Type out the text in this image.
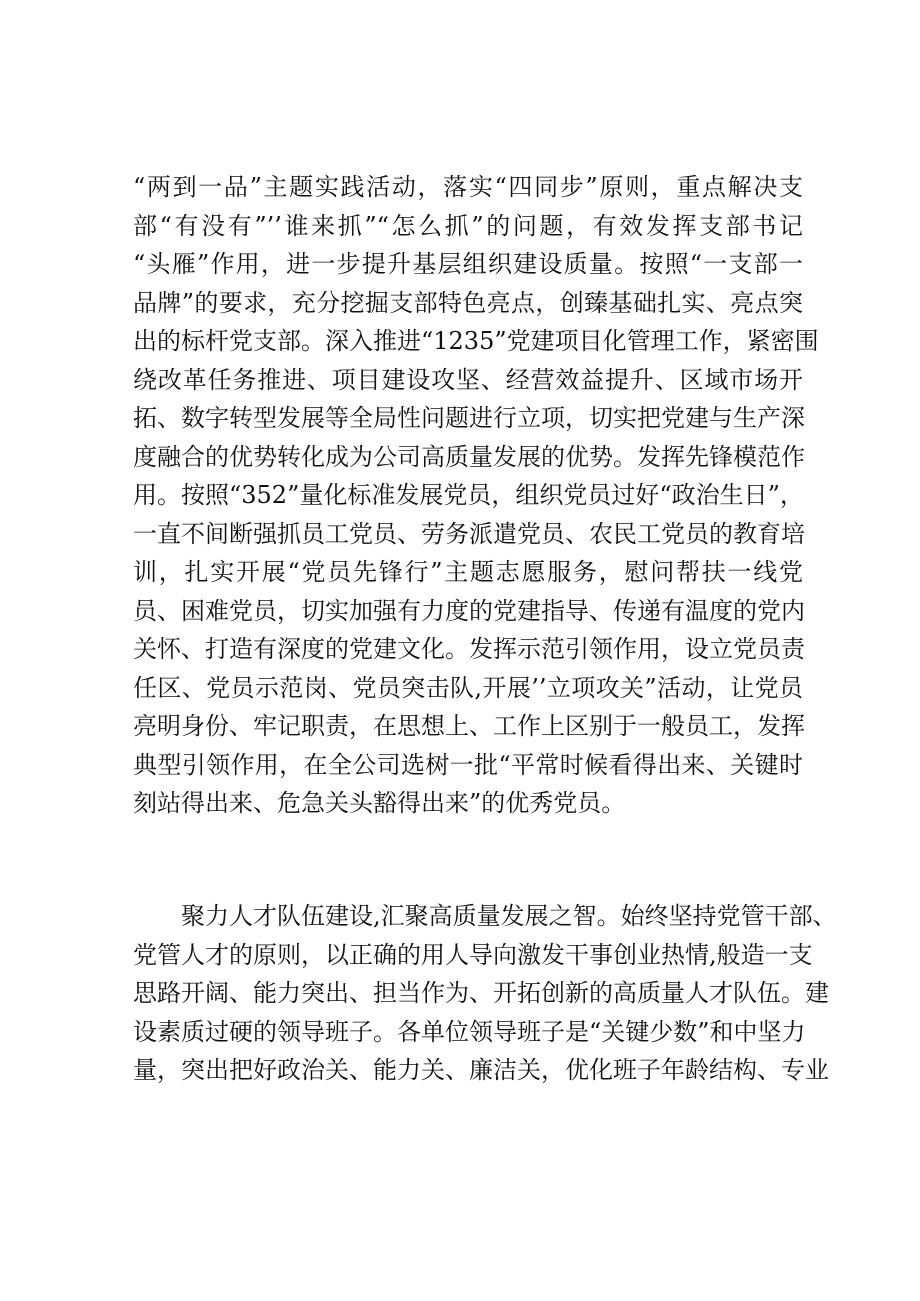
“两到一品”主题实践活动，落实“四同步”原则，重点解决支
部“有没有”’’谁来抓”“怎么抓”的问题，有效发挥支部书记
“头雁”作用，进一步提升基层组织建设质量。按照“一支部一
品牌”的要求，充分挖掘支部特色亮点，创臻基础扎实、亮点突
出的标杆党支部。深入推进“1235”党建项目化管理工作，紧密围
绕改革任务推进、项目建设攻坚、经营效益提升、区域市场开
拓、数字转型发展等全局性问题进行立项，切实把党建与生产深
度融合的优势转化成为公司高质量发展的优势。发挥先锋模范作
用。按照“352”量化标准发展党员，组织党员过好“政治生日”，
一直不间断强抓员工党员、劳务派遣党员、农民工党员的教育培
训，扎实开展“党员先锋行”主题志愿服务，慰问帮扶一线党
员、困难党员，切实加强有力度的党建指导、传递有温度的党内
关怀、打造有深度的党建文化。发挥示范引领作用，设立党员责
任区、党员示范岗、党员突击队,开展’’立项攻关”活动，让党员
亮明身份、牢记职责，在思想上、工作上区别于一般员工，发挥
典型引领作用，在全公司选树一批“平常时候看得出来、关键时
刻站得出来、危急关头豁得出来”的优秀党员。
　　聚力人才队伍建设,汇聚高质量发展之智。始终坚持党管干部、
党管人才的原则，以正确的用人导向激发干事创业热情,般造一支
思路开阔、能力突出、担当作为、开拓创新的高质量人才队伍。建
设素质过硬的领导班子。各单位领导班子是“关键少数”和中坚力
量，突出把好政治关、能力关、廉洁关，优化班子年龄结构、专业
